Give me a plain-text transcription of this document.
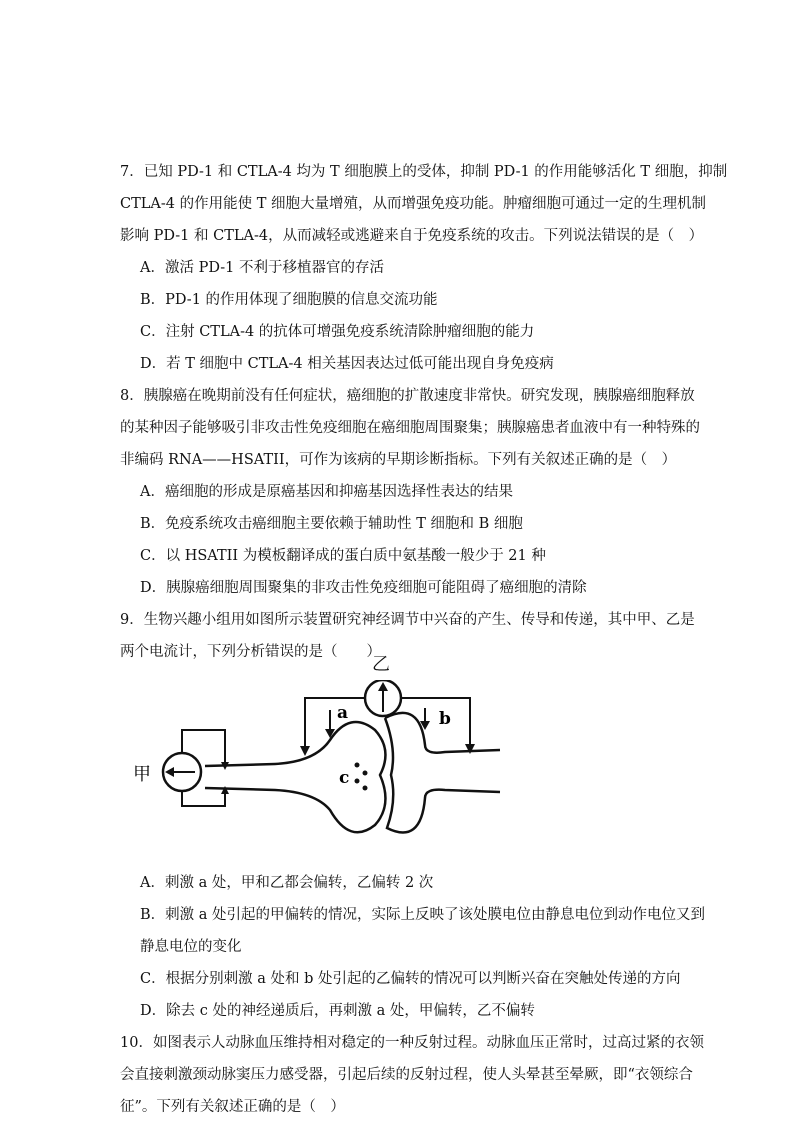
7．已知 PD-1 和 CTLA-4 均为 T 细胞膜上的受体，抑制 PD-1 的作用能够活化 T 细胞，抑制
CTLA-4 的作用能使 T 细胞大量增殖，从而增强免疫功能。肿瘤细胞可通过一定的生理机制
影响 PD-1 和 CTLA-4，从而减轻或逃避来自于免疫系统的攻击。下列说法错误的是（　）
A．激活 PD-1 不利于移植器官的存活
B．PD-1 的作用体现了细胞膜的信息交流功能
C．注射 CTLA-4 的抗体可增强免疫系统清除肿瘤细胞的能力
D．若 T 细胞中 CTLA-4 相关基因表达过低可能出现自身免疫病
8．胰腺癌在晚期前没有任何症状，癌细胞的扩散速度非常快。研究发现，胰腺癌细胞释放
的某种因子能够吸引非攻击性免疫细胞在癌细胞周围聚集；胰腺癌患者血液中有一种特殊的
非编码 RNA——HSATII，可作为该病的早期诊断指标。下列有关叙述正确的是（　）
A．癌细胞的形成是原癌基因和抑癌基因选择性表达的结果
B．免疫系统攻击癌细胞主要依赖于辅助性 T 细胞和 B 细胞
C．以 HSATII 为模板翻译成的蛋白质中氨基酸一般少于 21 种
D．胰腺癌细胞周围聚集的非攻击性免疫细胞可能阻碍了癌细胞的清除
9．生物兴趣小组用如图所示装置研究神经调节中兴奋的产生、传导和传递，其中甲、乙是
两个电流计，下列分析错误的是（　　）
甲
a	b
c
乙
A．刺激 a 处，甲和乙都会偏转，乙偏转 2 次
B．刺激 a 处引起的甲偏转的情况，实际上反映了该处膜电位由静息电位到动作电位又到
静息电位的变化
C．根据分别刺激 a 处和 b 处引起的乙偏转的情况可以判断兴奋在突触处传递的方向
D．除去 c 处的神经递质后，再刺激 a 处，甲偏转，乙不偏转
10．如图表示人动脉血压维持相对稳定的一种反射过程。动脉血压正常时，过高过紧的衣领
会直接刺激颈动脉窦压力感受器，引起后续的反射过程，使人头晕甚至晕厥，即“衣领综合
征”。下列有关叙述正确的是（　）
